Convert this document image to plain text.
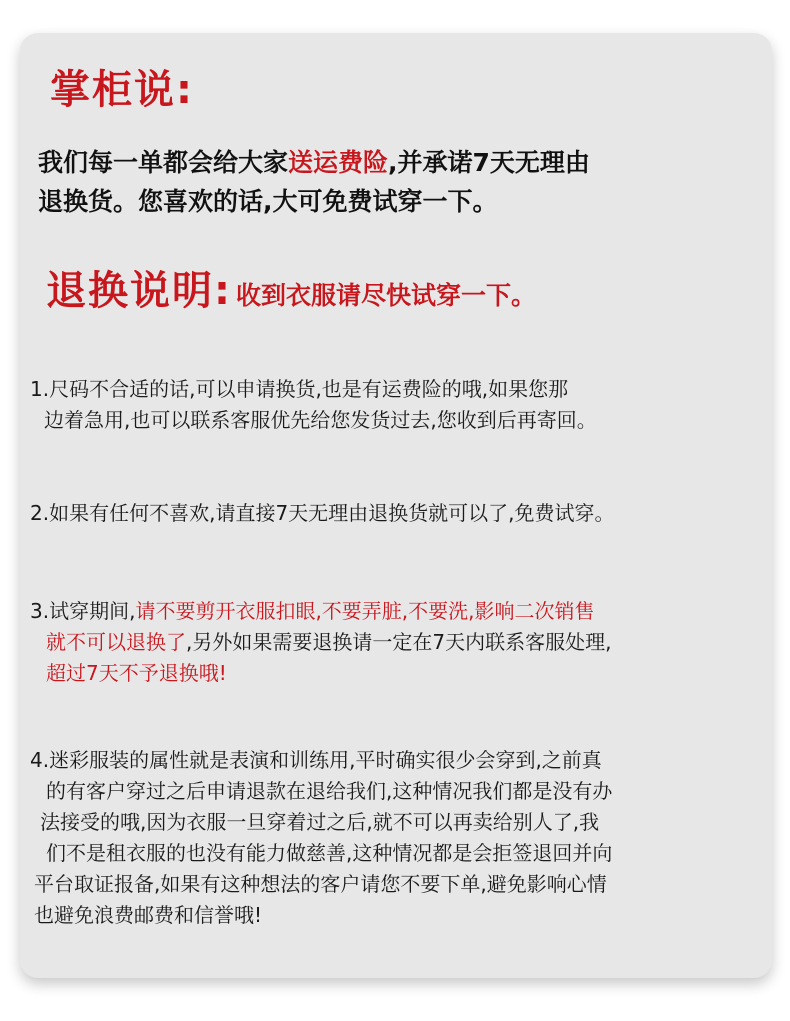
掌柜说:
我们每一单都会给大家送运费险,并承诺7天无理由
退换货。您喜欢的话,大可免费试穿一下。
退换说明: 收到衣服请尽快试穿一下。
1.尺码不合适的话,可以申请换货,也是有运费险的哦,如果您那
边着急用,也可以联系客服优先给您发货过去,您收到后再寄回。
2.如果有任何不喜欢,请直接7天无理由退换货就可以了,免费试穿。
3.试穿期间,请不要剪开衣服扣眼,不要弄脏,不要洗,影响二次销售
就不可以退换了,另外如果需要退换请一定在7天内联系客服处理,
超过7天不予退换哦!
4.迷彩服装的属性就是表演和训练用,平时确实很少会穿到,之前真
的有客户穿过之后申请退款在退给我们,这种情况我们都是没有办
法接受的哦,因为衣服一旦穿着过之后,就不可以再卖给别人了,我
们不是租衣服的也没有能力做慈善,这种情况都是会拒签退回并向
平台取证报备,如果有这种想法的客户请您不要下单,避免影响心情
也避免浪费邮费和信誉哦!
